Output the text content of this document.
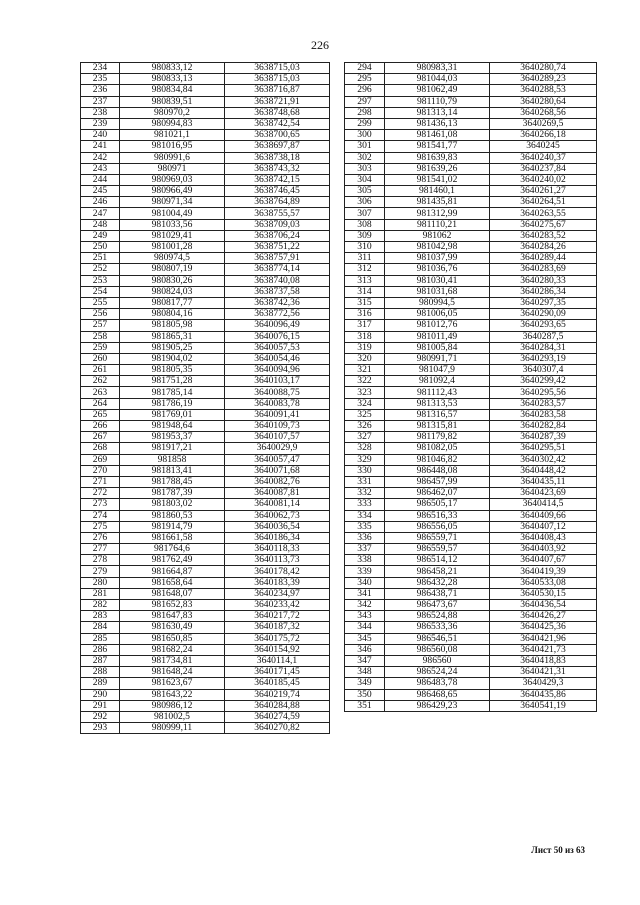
226
234	980833,12	3638715,03
235	980833,13	3638715,03
236	980834,84	3638716,87
237	980839,51	3638721,91
238	980970,2	3638748,68
239	980994,83	3638742,54
240	981021,1	3638700,65
241	981016,95	3638697,87
242	980991,6	3638738,18
243	980971	3638743,32
244	980969,03	3638742,15
245	980966,49	3638746,45
246	980971,34	3638764,89
247	981004,49	3638755,57
248	981033,56	3638709,03
249	981029,41	3638706,24
250	981001,28	3638751,22
251	980974,5	3638757,91
252	980807,19	3638774,14
253	980830,26	3638740,08
254	980824,03	3638737,58
255	980817,77	3638742,36
256	980804,16	3638772,56
257	981805,98	3640096,49
258	981865,31	3640076,15
259	981905,25	3640057,53
260	981904,02	3640054,46
261	981805,35	3640094,96
262	981751,28	3640103,17
263	981785,14	3640088,75
264	981786,19	3640083,78
265	981769,01	3640091,41
266	981948,64	3640109,73
267	981953,37	3640107,57
268	981917,21	3640029,9
269	981858	3640057,47
270	981813,41	3640071,68
271	981788,45	3640082,76
272	981787,39	3640087,81
273	981803,02	3640081,14
274	981860,53	3640062,73
275	981914,79	3640036,54
276	981661,58	3640186,34
277	981764,6	3640118,33
278	981762,49	3640113,73
279	981664,87	3640178,42
280	981658,64	3640183,39
281	981648,07	3640234,97
282	981652,83	3640233,42
283	981647,83	3640217,72
284	981630,49	3640187,32
285	981650,85	3640175,72
286	981682,24	3640154,92
287	981734,81	3640114,1
288	981648,24	3640171,45
289	981623,67	3640185,45
290	981643,22	3640219,74
291	980986,12	3640284,88
292	981002,5	3640274,59
293	980999,11	3640270,82
294	980983,31	3640280,74
295	981044,03	3640289,23
296	981062,49	3640288,53
297	981110,79	3640280,64
298	981313,14	3640268,56
299	981436,13	3640269,5
300	981461,08	3640266,18
301	981541,77	3640245
302	981639,83	3640240,37
303	981639,26	3640237,84
304	981541,02	3640240,02
305	981460,1	3640261,27
306	981435,81	3640264,51
307	981312,99	3640263,55
308	981110,21	3640275,67
309	981062	3640283,52
310	981042,98	3640284,26
311	981037,99	3640289,44
312	981036,76	3640283,69
313	981030,41	3640280,33
314	981031,68	3640286,34
315	980994,5	3640297,35
316	981006,05	3640290,09
317	981012,76	3640293,65
318	981011,49	3640287,5
319	981005,84	3640284,31
320	980991,71	3640293,19
321	981047,9	3640307,4
322	981092,4	3640299,42
323	981112,43	3640295,56
324	981313,53	3640283,57
325	981316,57	3640283,58
326	981315,81	3640282,84
327	981179,82	3640287,39
328	981082,05	3640295,51
329	981046,82	3640302,42
330	986448,08	3640448,42
331	986457,99	3640435,11
332	986462,07	3640423,69
333	986505,17	3640414,5
334	986516,33	3640409,66
335	986556,05	3640407,12
336	986559,71	3640408,43
337	986559,57	3640403,92
338	986514,12	3640407,67
339	986458,21	3640419,39
340	986432,28	3640533,08
341	986438,71	3640530,15
342	986473,67	3640436,54
343	986524,88	3640426,27
344	986533,36	3640425,36
345	986546,51	3640421,96
346	986560,08	3640421,73
347	986560	3640418,83
348	986524,24	3640421,31
349	986483,78	3640429,3
350	986468,65	3640435,86
351	986429,23	3640541,19
Лист 50 из 63
